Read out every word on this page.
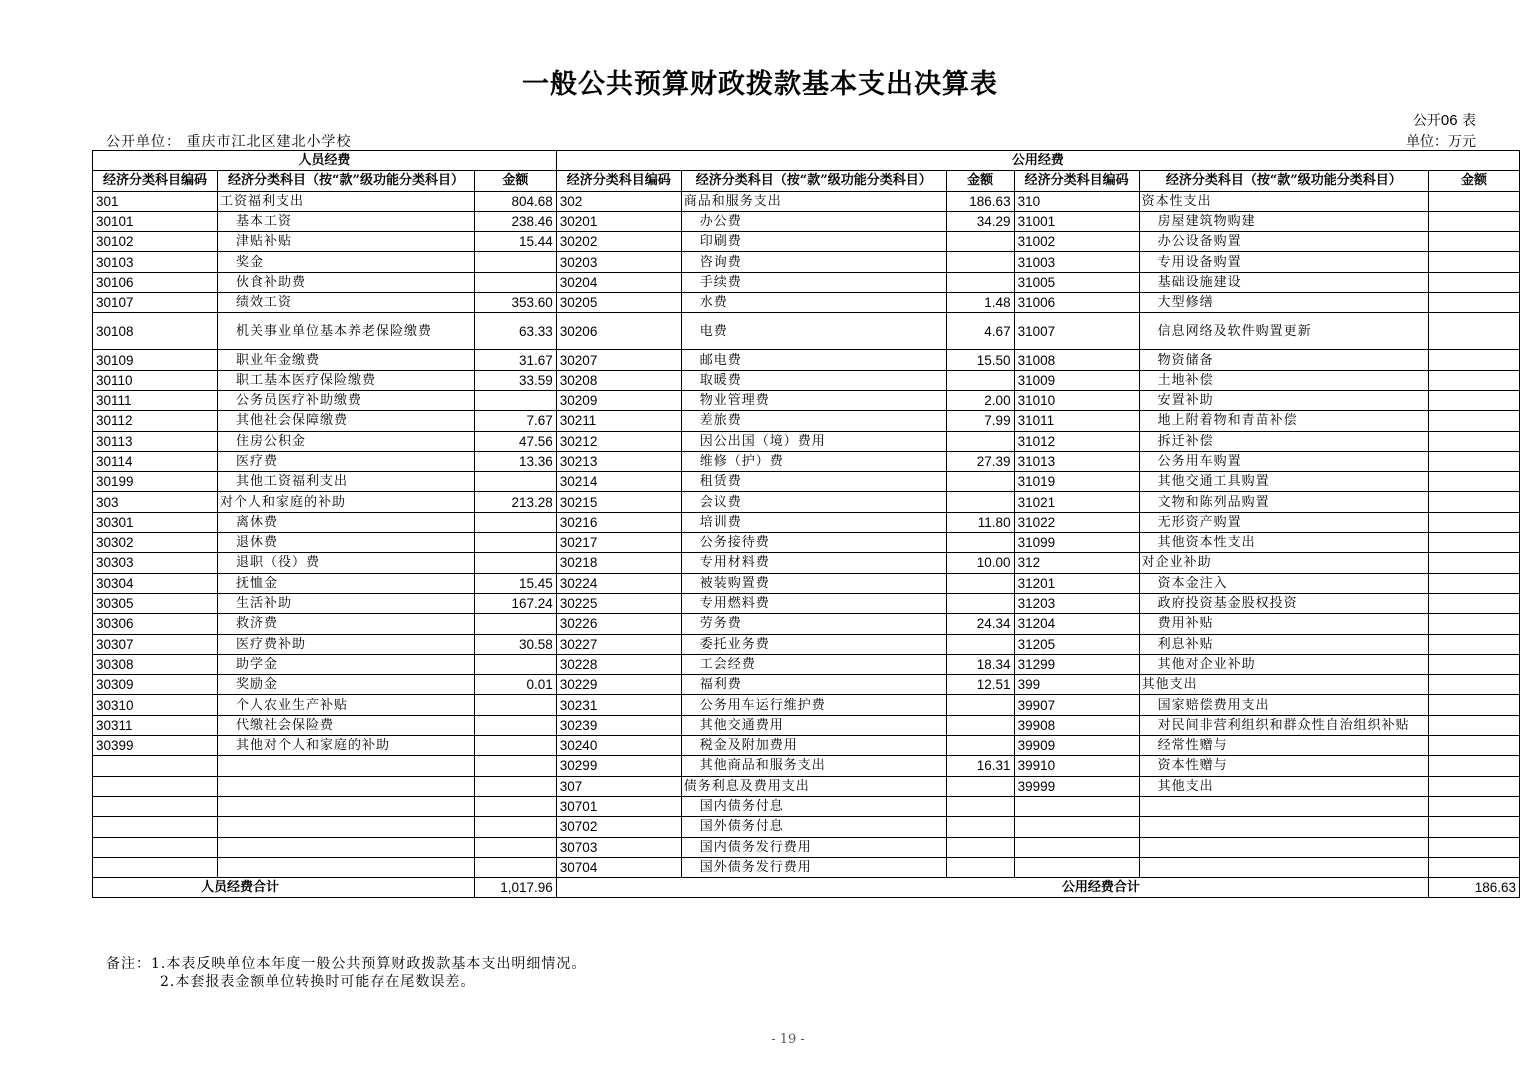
一般公共预算财政拨款基本支出决算表
公开06 表
公开单位： 重庆市江北区建北小学校	单位：万元
人员经费			公用经费					
经济分类科目编码	经济分类科目（按“款”级功能分类科目）	金额	经济分类科目编码	经济分类科目（按“款”级功能分类科目）	金额	经济分类科目编码	经济分类科目（按“款”级功能分类科目）	金额
301	工资福利支出	804.68	302	商品和服务支出	186.63	310	资本性支出	
30101	基本工资	238.46	30201	办公费	34.29	31001	房屋建筑物购建	
30102	津贴补贴	15.44	30202	印刷费		31002	办公设备购置	
30103	奖金		30203	咨询费		31003	专用设备购置	
30106	伙食补助费		30204	手续费		31005	基础设施建设	
30107	绩效工资	353.60	30205	水费	1.48	31006	大型修缮	
30108	机关事业单位基本养老保险缴费	63.33	30206	电费	4.67	31007	信息网络及软件购置更新	
30109	职业年金缴费	31.67	30207	邮电费	15.50	31008	物资储备	
30110	职工基本医疗保险缴费	33.59	30208	取暖费		31009	土地补偿	
30111	公务员医疗补助缴费		30209	物业管理费	2.00	31010	安置补助	
30112	其他社会保障缴费	7.67	30211	差旅费	7.99	31011	地上附着物和青苗补偿	
30113	住房公积金	47.56	30212	因公出国（境）费用		31012	拆迁补偿	
30114	医疗费	13.36	30213	维修（护）费	27.39	31013	公务用车购置	
30199	其他工资福利支出		30214	租赁费		31019	其他交通工具购置	
303	对个人和家庭的补助	213.28	30215	会议费		31021	文物和陈列品购置	
30301	离休费		30216	培训费	11.80	31022	无形资产购置	
30302	退休费		30217	公务接待费		31099	其他资本性支出	
30303	退职（役）费		30218	专用材料费	10.00	312	对企业补助	
30304	抚恤金	15.45	30224	被装购置费		31201	资本金注入	
30305	生活补助	167.24	30225	专用燃料费		31203	政府投资基金股权投资	
30306	救济费		30226	劳务费	24.34	31204	费用补贴	
30307	医疗费补助	30.58	30227	委托业务费		31205	利息补贴	
30308	助学金		30228	工会经费	18.34	31299	其他对企业补助	
30309	奖励金	0.01	30229	福利费	12.51	399	其他支出	
30310	个人农业生产补贴		30231	公务用车运行维护费		39907	国家赔偿费用支出	
30311	代缴社会保险费		30239	其他交通费用		39908	对民间非营利组织和群众性自治组织补贴	
30399	其他对个人和家庭的补助		30240	税金及附加费用		39909	经常性赠与	
			30299	其他商品和服务支出	16.31	39910	资本性赠与	
			307	债务利息及费用支出		39999	其他支出	
			30701	国内债务付息				
			30702	国外债务付息				
			30703	国内债务发行费用				
			30704	国外债务发行费用				
人员经费合计		1,017.96	公用经费合计					186.63
备注：1.本表反映单位本年度一般公共预算财政拨款基本支出明细情况。
2.本套报表金额单位转换时可能存在尾数误差。
- 19 -
